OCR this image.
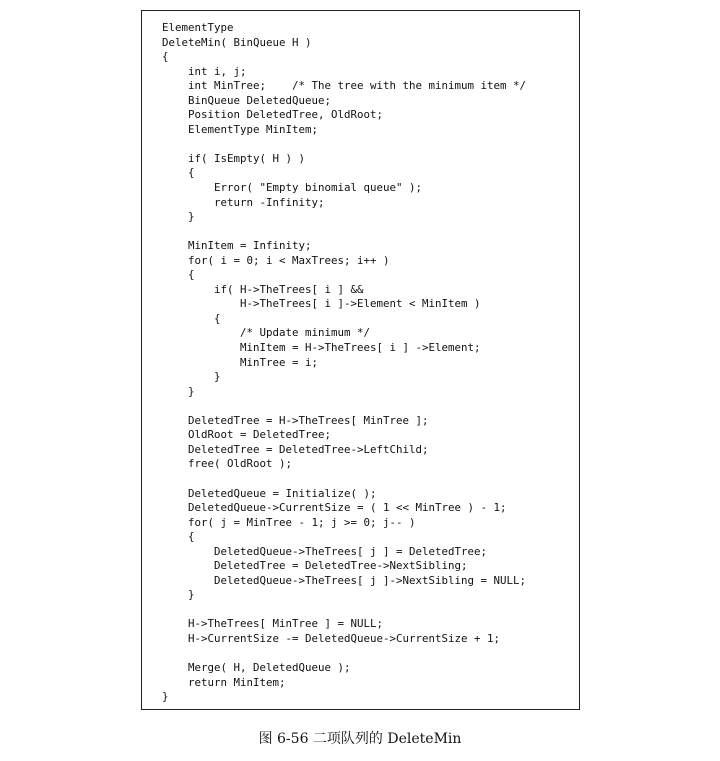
ElementType
DeleteMin( BinQueue H )
{
int i, j;
int MinTree;    /* The tree with the minimum item */
BinQueue DeletedQueue;
Position DeletedTree, OldRoot;
ElementType MinItem;
if( IsEmpty( H ) )
{
Error( "Empty binomial queue" );
return -Infinity;
}
MinItem = Infinity;
for( i = 0; i < MaxTrees; i++ )
{
if( H->TheTrees[ i ] &&
H->TheTrees[ i ]->Element < MinItem )
{
/* Update minimum */
MinItem = H->TheTrees[ i ] ->Element;
MinTree = i;
}
}
DeletedTree = H->TheTrees[ MinTree ];
OldRoot = DeletedTree;
DeletedTree = DeletedTree->LeftChild;
free( OldRoot );
DeletedQueue = Initialize( );
DeletedQueue->CurrentSize = ( 1 << MinTree ) - 1;
for( j = MinTree - 1; j >= 0; j-- )
{
DeletedQueue->TheTrees[ j ] = DeletedTree;
DeletedTree = DeletedTree->NextSibling;
DeletedQueue->TheTrees[ j ]->NextSibling = NULL;
}
H->TheTrees[ MinTree ] = NULL;
H->CurrentSize -= DeletedQueue->CurrentSize + 1;
Merge( H, DeletedQueue );
return MinItem;
}
图 6-56 二项队列的 DeleteMin
